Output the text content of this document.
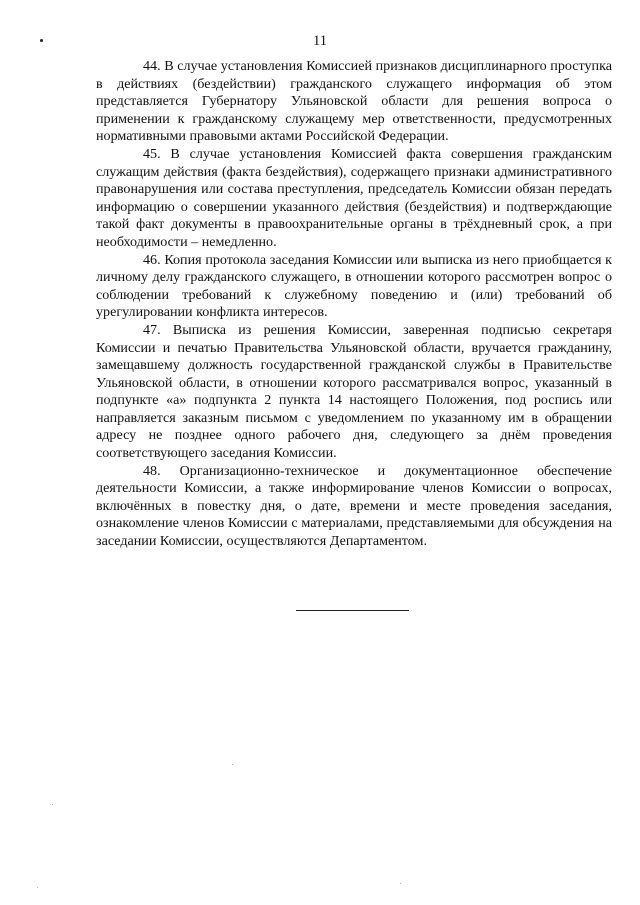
11

44. В случае установления Комиссией признаков дисциплинарного проступка в действиях (бездействии) гражданского служащего информация об этом представляется Губернатору Ульяновской области для решения вопроса о применении к гражданскому служащему мер ответственности, предусмотренных нормативными правовыми актами Российской Федерации.

45. В случае установления Комиссией факта совершения гражданским служащим действия (факта бездействия), содержащего признаки административного правонарушения или состава преступления, председатель Комиссии обязан передать информацию о совершении указанного действия (бездействия) и подтверждающие такой факт документы в правоохранительные органы в трёхдневный срок, а при необходимости – немедленно.

46. Копия протокола заседания Комиссии или выписка из него приобщается к личному делу гражданского служащего, в отношении которого рассмотрен вопрос о соблюдении требований к служебному поведению и (или) требований об урегулировании конфликта интересов.

47. Выписка из решения Комиссии, заверенная подписью секретаря Комиссии и печатью Правительства Ульяновской области, вручается гражданину, замещавшему должность государственной гражданской службы в Правительстве Ульяновской области, в отношении которого рассматривался вопрос, указанный в подпункте «а» подпункта 2 пункта 14 настоящего Положения, под роспись или направляется заказным письмом с уведомлением по указанному им в обращении адресу не позднее одного рабочего дня, следующего за днём проведения соответствующего заседания Комиссии.

48. Организационно-техническое и документационное обеспечение деятельности Комиссии, а также информирование членов Комиссии о вопросах, включённых в повестку дня, о дате, времени и месте проведения заседания, ознакомление членов Комиссии с материалами, представляемыми для обсуждения на заседании Комиссии, осуществляются Департаментом.
